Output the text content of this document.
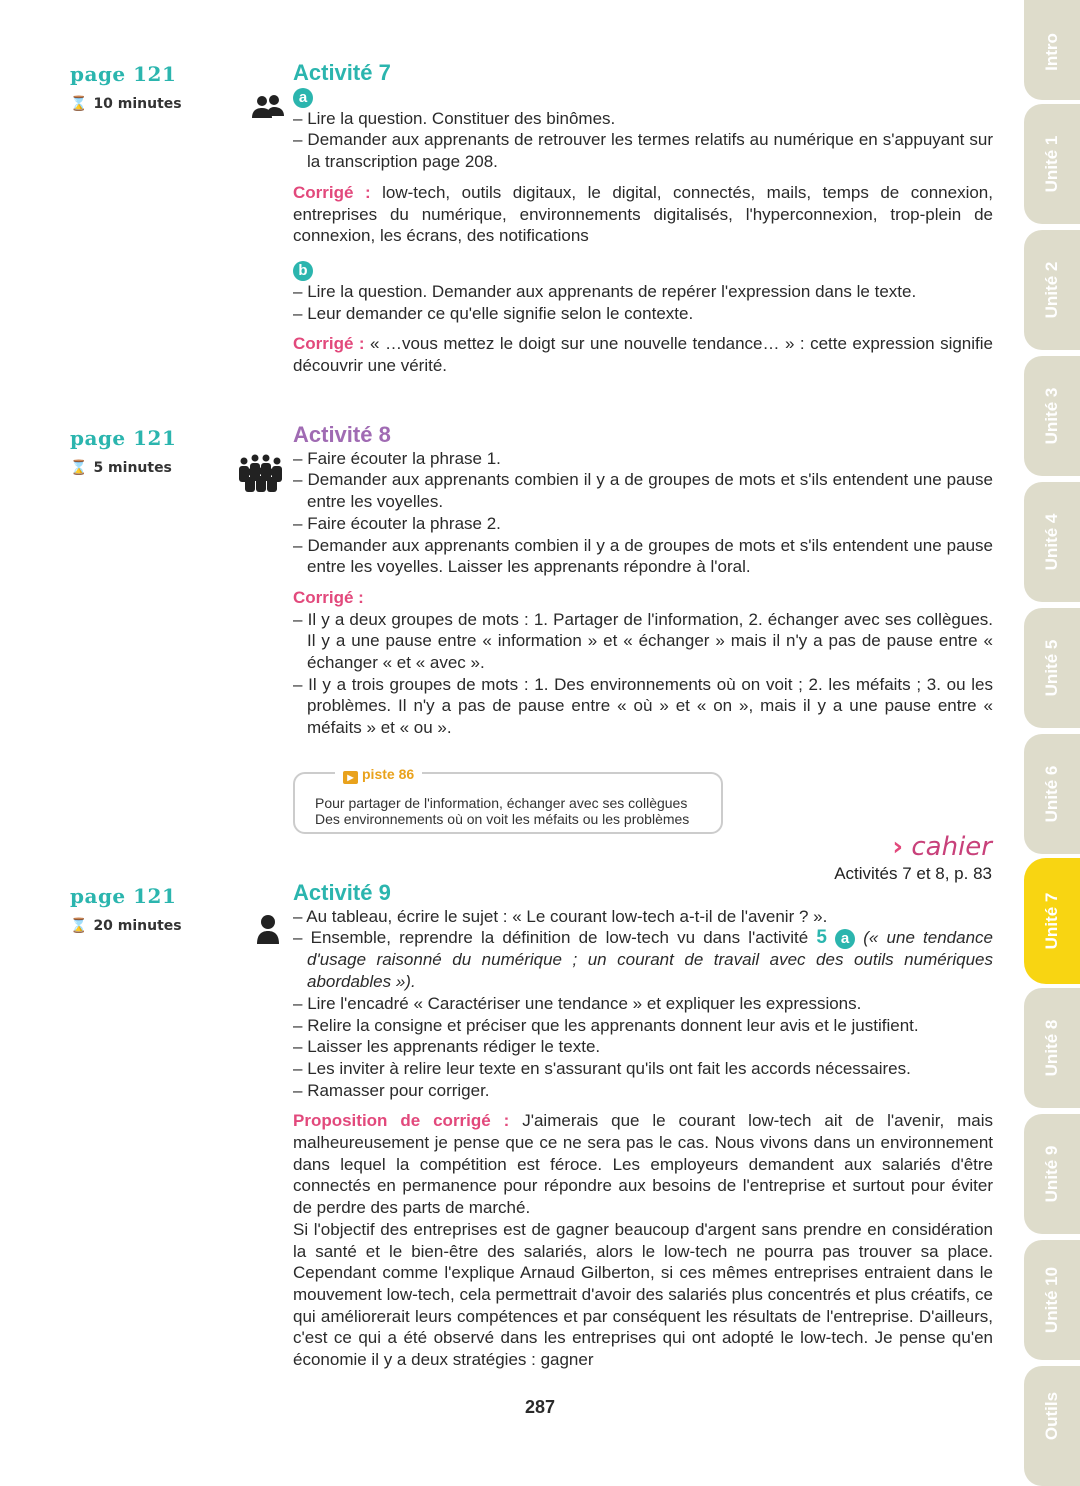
page 121
⌛ 10 minutes
Activité 7
a
– Lire la question. Constituer des binômes.
– Demander aux apprenants de retrouver les termes relatifs au numérique en s'appuyant sur la transcription page 208.

Corrigé : low-tech, outils digitaux, le digital, connectés, mails, temps de connexion, entreprises du numérique, environnements digitalisés, l'hyperconnexion, trop-plein de connexion, les écrans, des notifications

b
– Lire la question. Demander aux apprenants de repérer l'expression dans le texte.
– Leur demander ce qu'elle signifie selon le contexte.

Corrigé : « …vous mettez le doigt sur une nouvelle tendance… » : cette expression signifie découvrir une vérité.

page 121
⌛ 5 minutes
Activité 8
– Faire écouter la phrase 1.
– Demander aux apprenants combien il y a de groupes de mots et s'ils entendent une pause entre les voyelles.
– Faire écouter la phrase 2.
– Demander aux apprenants combien il y a de groupes de mots et s'ils entendent une pause entre les voyelles. Laisser les apprenants répondre à l'oral.

Corrigé :

– Il y a deux groupes de mots : 1. Partager de l'information, 2. échanger avec ses collègues. Il y a une pause entre « information » et « échanger » mais il n'y a pas de pause entre « échanger « et « avec ».
– Il y a trois groupes de mots : 1. Des environnements où on voit ; 2. les méfaits ; 3. ou les problèmes. Il n'y a pas de pause entre « où » et « on », mais il y a une pause entre « méfaits » et « ou ».
▶ piste 86
Pour partager de l'information, échanger avec ses collègues
Des environnements où on voit les méfaits ou les problèmes
› cahier
Activités 7 et 8, p. 83
page 121
⌛ 20 minutes
Activité 9
– Au tableau, écrire le sujet : « Le courant low-tech a-t-il de l'avenir ? ».
– Ensemble, reprendre la définition de low-tech vu dans l'activité 5 a (« une tendance d'usage raisonné du numérique ; un courant de travail avec des outils numériques abordables »).
– Lire l'encadré « Caractériser une tendance » et expliquer les expressions.
– Relire la consigne et préciser que les apprenants donnent leur avis et le justifient.
– Laisser les apprenants rédiger le texte.
– Les inviter à relire leur texte en s'assurant qu'ils ont fait les accords nécessaires.
– Ramasser pour corriger.

Proposition de corrigé : J'aimerais que le courant low-tech ait de l'avenir, mais malheureusement je pense que ce ne sera pas le cas. Nous vivons dans un environnement dans lequel la compétition est féroce. Les employeurs demandent aux salariés d'être connectés en permanence pour répondre aux besoins de l'entreprise et surtout pour éviter de perdre des parts de marché.

Si l'objectif des entreprises est de gagner beaucoup d'argent sans prendre en considération la santé et le bien-être des salariés, alors le low-tech ne pourra pas trouver sa place. Cependant comme l'explique Arnaud Gilberton, si ces mêmes entreprises entraient dans le mouvement low-tech, cela permettrait d'avoir des salariés plus concentrés et plus créatifs, ce qui améliorerait leurs compétences et par conséquent les résultats de l'entreprise. D'ailleurs, c'est ce qui a été observé dans les entreprises qui ont adopté le low-tech. Je pense qu'en économie il y a deux stratégies : gagner

287
Intro
Unité 1
Unité 2
Unité 3
Unité 4
Unité 5
Unité 6
Unité 7
Unité 8
Unité 9
Unité 10
Outils
